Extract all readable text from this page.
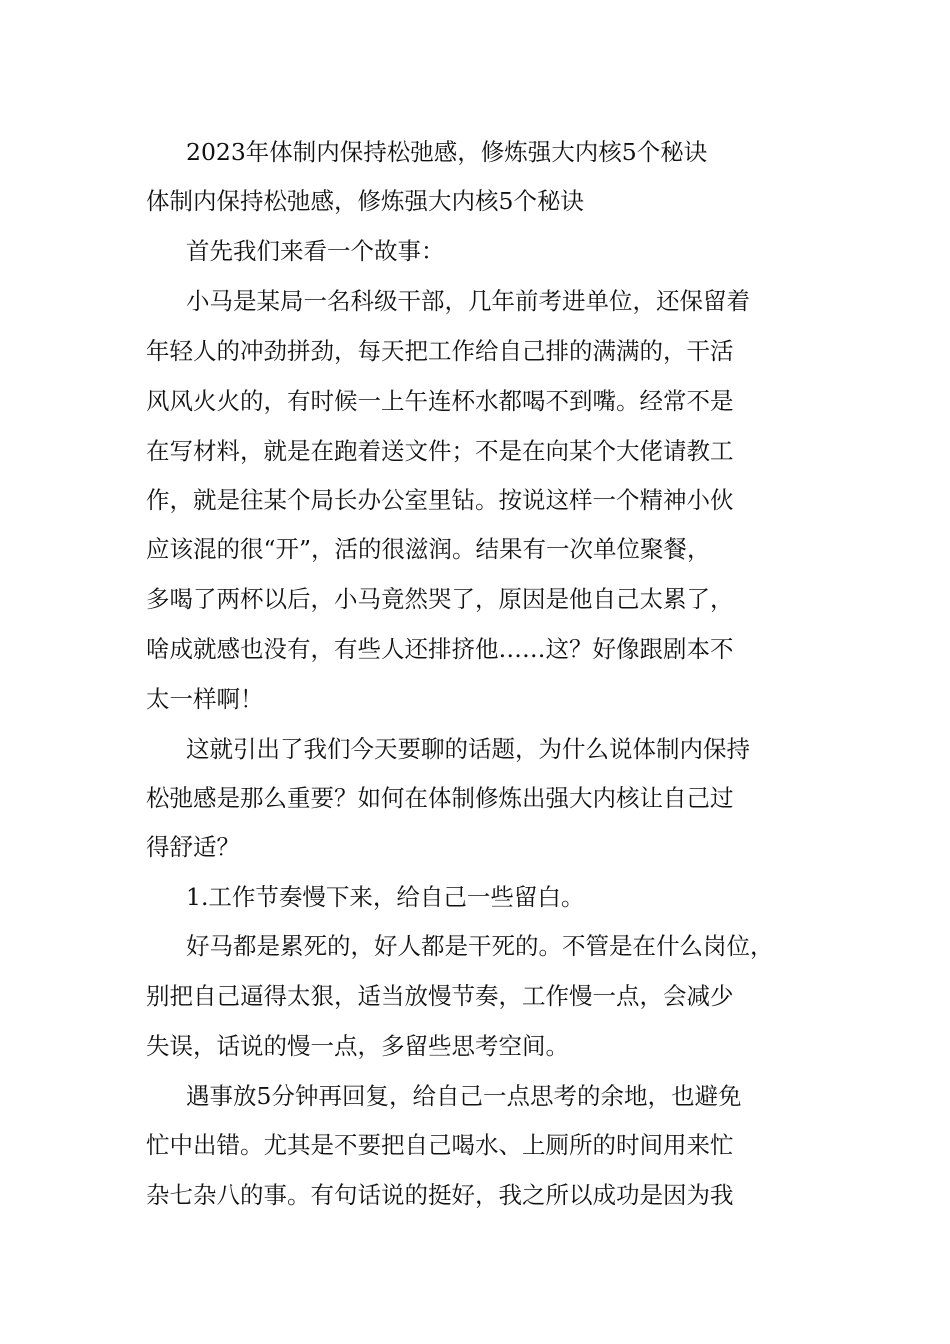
2023年体制内保持松弛感，修炼强大内核5个秘诀
体制内保持松弛感，修炼强大内核5个秘诀
首先我们来看一个故事：
小马是某局一名科级干部，几年前考进单位，还保留着
年轻人的冲劲拼劲，每天把工作给自己排的满满的，干活
风风火火的，有时候一上午连杯水都喝不到嘴。经常不是
在写材料，就是在跑着送文件；不是在向某个大佬请教工
作，就是往某个局长办公室里钻。按说这样一个精神小伙
应该混的很“开”，活的很滋润。结果有一次单位聚餐，
多喝了两杯以后，小马竟然哭了，原因是他自己太累了，
啥成就感也没有，有些人还排挤他……这？好像跟剧本不
太一样啊！
这就引出了我们今天要聊的话题，为什么说体制内保持
松弛感是那么重要？如何在体制修炼出强大内核让自己过
得舒适？
1.工作节奏慢下来，给自己一些留白。
好马都是累死的，好人都是干死的。不管是在什么岗位，
别把自己逼得太狠，适当放慢节奏，工作慢一点，会减少
失误，话说的慢一点，多留些思考空间。
遇事放5分钟再回复，给自己一点思考的余地，也避免
忙中出错。尤其是不要把自己喝水、上厕所的时间用来忙
杂七杂八的事。有句话说的挺好，我之所以成功是因为我
